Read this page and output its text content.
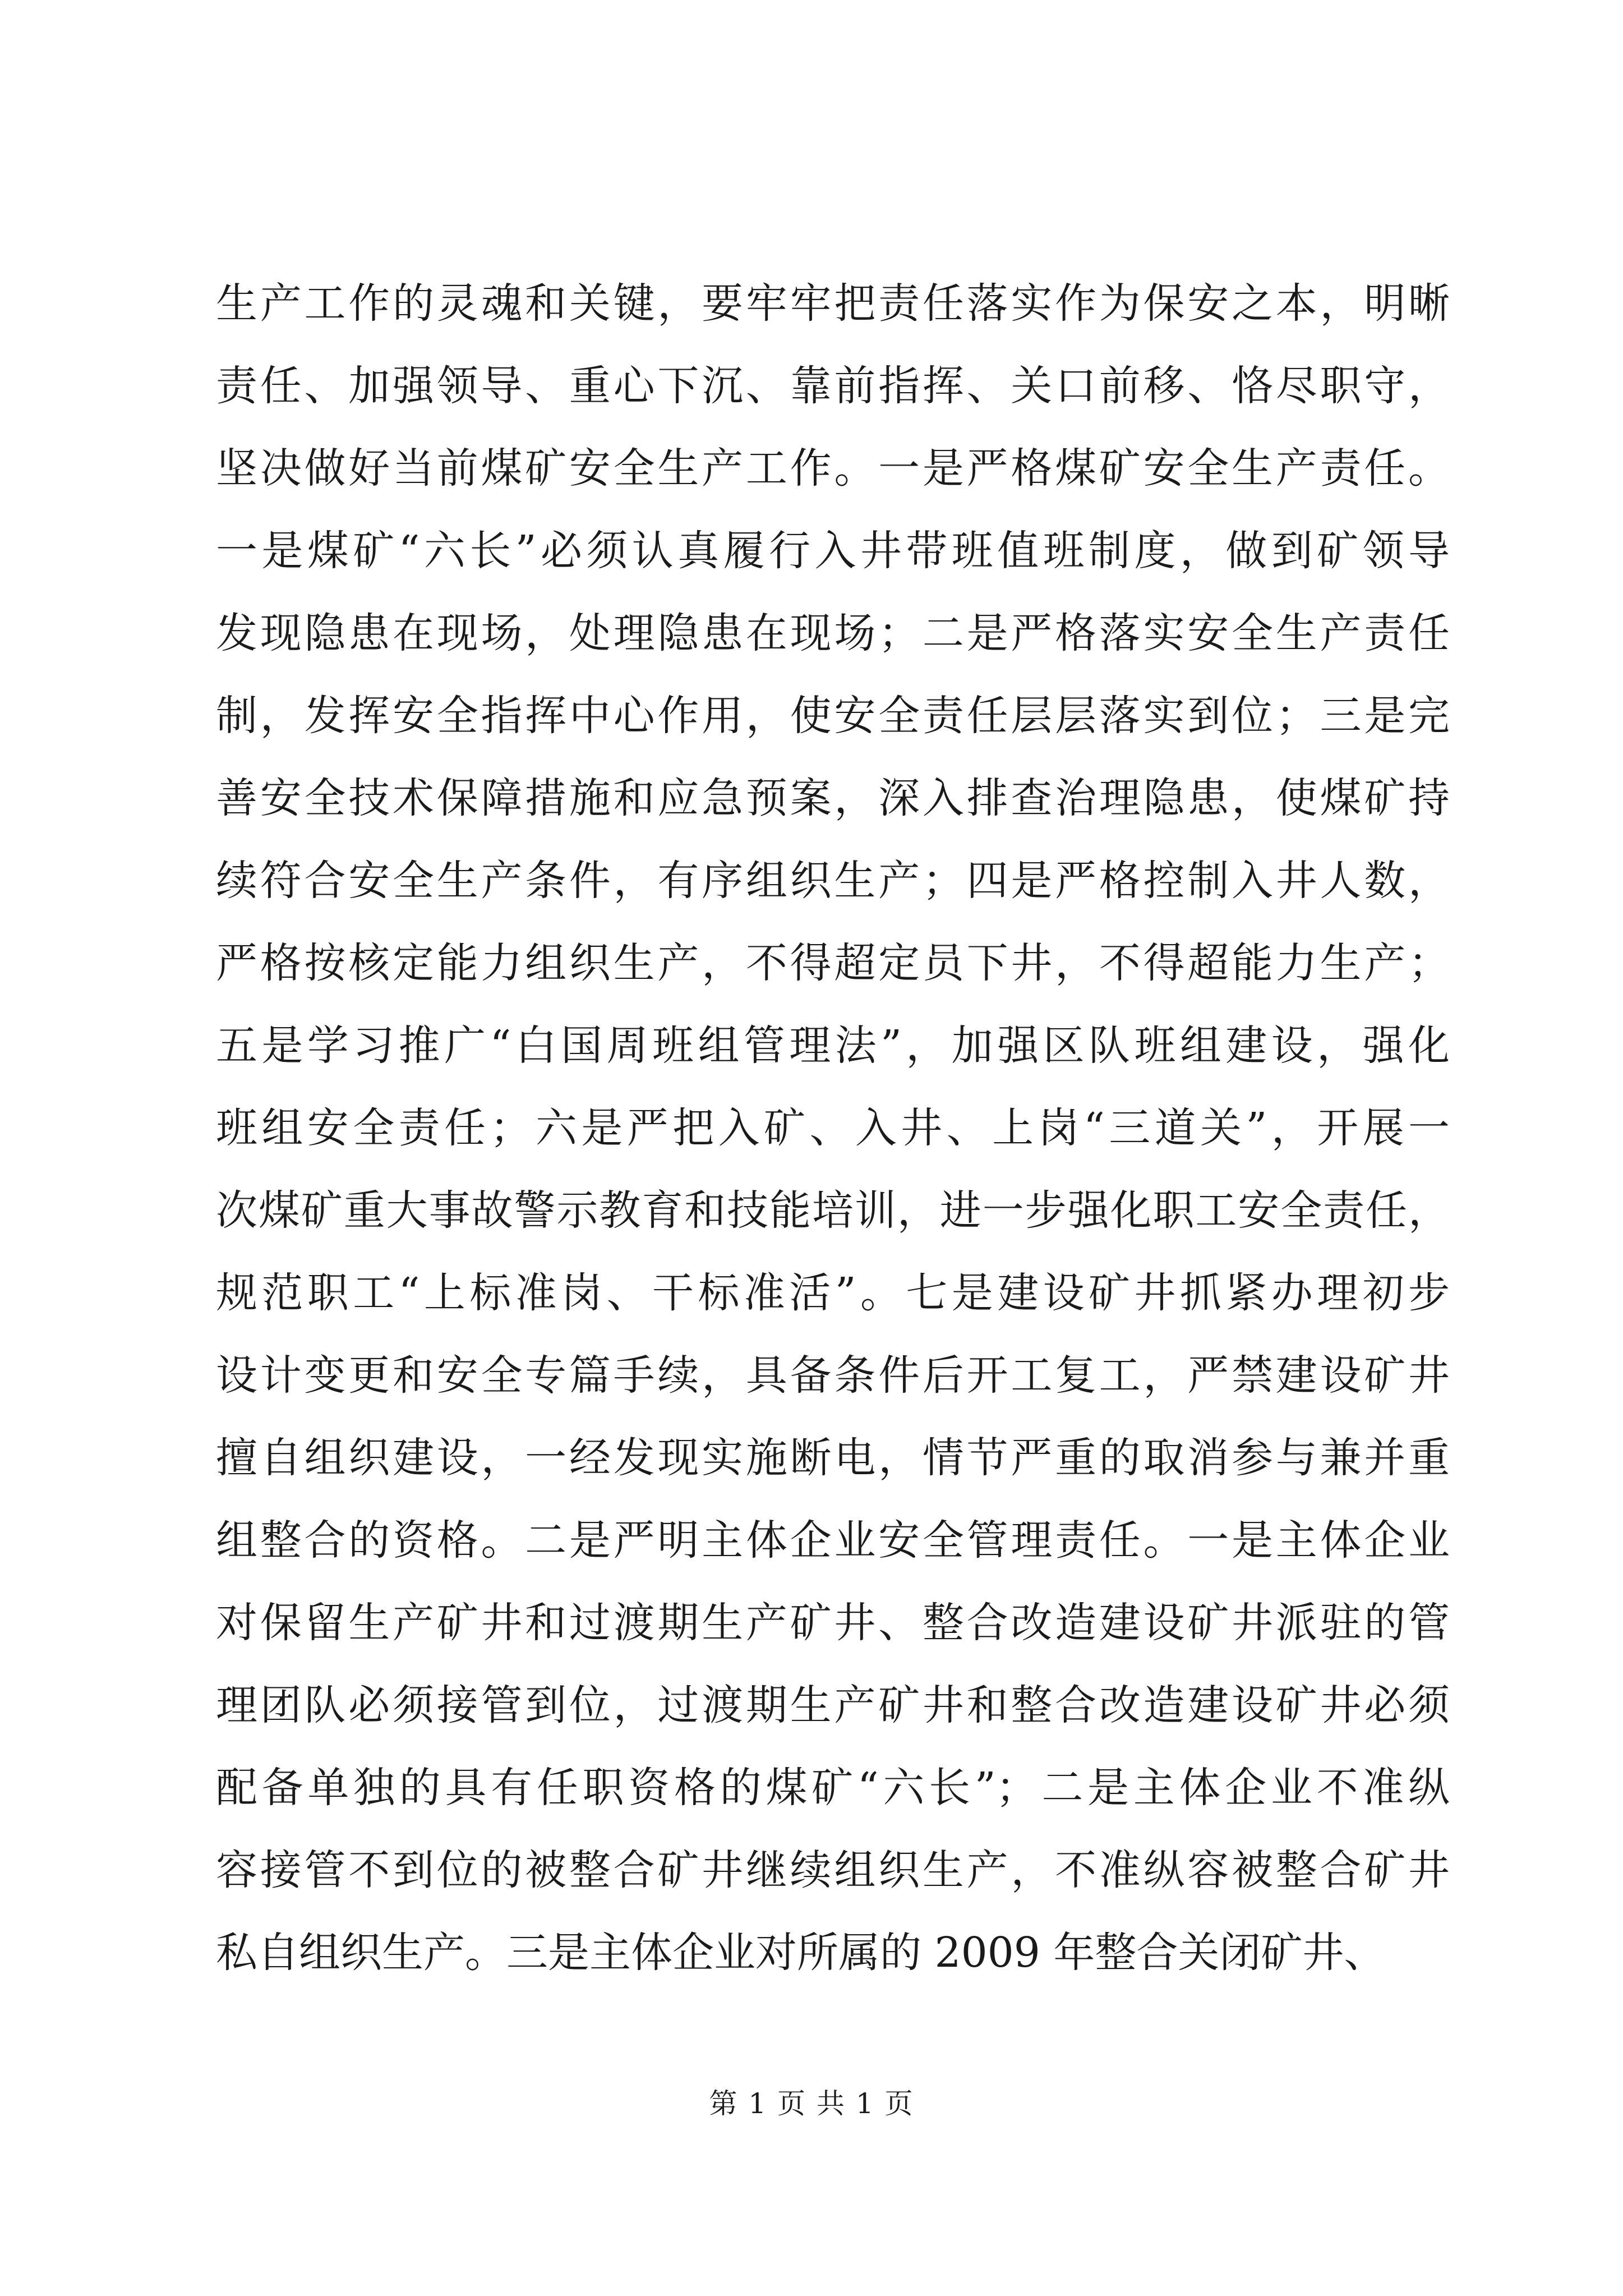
生产工作的灵魂和关键，要牢牢把责任落实作为保安之本，明晰
责任、加强领导、重心下沉、靠前指挥、关口前移、恪尽职守，
坚决做好当前煤矿安全生产工作。一是严格煤矿安全生产责任。
一是煤矿“六长”必须认真履行入井带班值班制度，做到矿领导
发现隐患在现场，处理隐患在现场；二是严格落实安全生产责任
制，发挥安全指挥中心作用，使安全责任层层落实到位；三是完
善安全技术保障措施和应急预案，深入排查治理隐患，使煤矿持
续符合安全生产条件，有序组织生产；四是严格控制入井人数，
严格按核定能力组织生产，不得超定员下井，不得超能力生产；
五是学习推广“白国周班组管理法”，加强区队班组建设，强化
班组安全责任；六是严把入矿、入井、上岗“三道关”，开展一
次煤矿重大事故警示教育和技能培训，进一步强化职工安全责任，
规范职工“上标准岗、干标准活”。七是建设矿井抓紧办理初步
设计变更和安全专篇手续，具备条件后开工复工，严禁建设矿井
擅自组织建设，一经发现实施断电，情节严重的取消参与兼并重
组整合的资格。二是严明主体企业安全管理责任。一是主体企业
对保留生产矿井和过渡期生产矿井、整合改造建设矿井派驻的管
理团队必须接管到位，过渡期生产矿井和整合改造建设矿井必须
配备单独的具有任职资格的煤矿“六长”；二是主体企业不准纵
容接管不到位的被整合矿井继续组织生产，不准纵容被整合矿井
私自组织生产。三是主体企业对所属的 2009 年整合关闭矿井、
第 1 页 共 1 页
